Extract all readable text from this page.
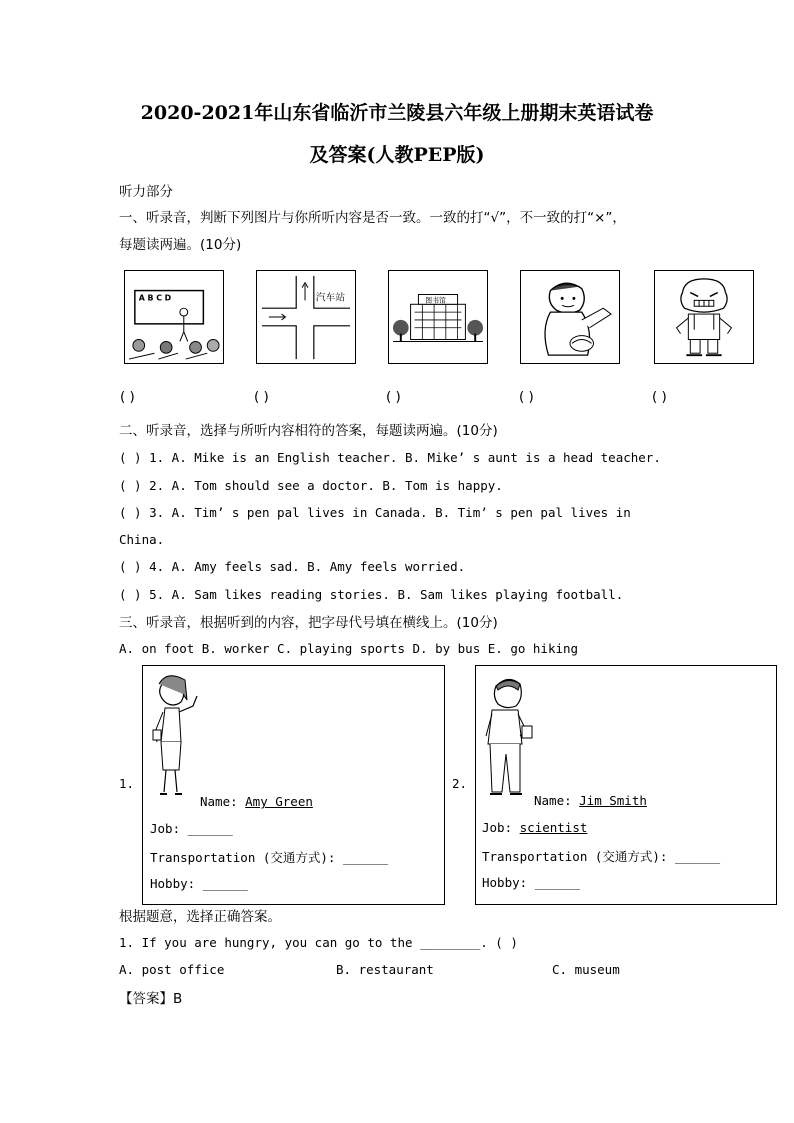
2020-2021年山东省临沂市兰陵县六年级上册期末英语试卷
及答案(人教PEP版)
听力部分
一、听录音，判断下列图片与你所听内容是否一致。一致的打“√”，不一致的打“×”，
每题读两遍。(10分)
A B C D	汽车站	图书馆
( )	( )	( )	( )	( )
二、听录音，选择与所听内容相符的答案，每题读两遍。(10分)
( ) 1. A. Mike is an English teacher. B. Mike’ s aunt is a head teacher.
( ) 2. A. Tom should see a doctor. B. Tom is happy.
( ) 3. A. Tim’ s pen pal lives in Canada. B. Tim’ s pen pal lives in
China.
( ) 4. A. Amy feels sad. B. Amy feels worried.
( ) 5. A. Sam likes reading stories. B. Sam likes playing football.
三、听录音，根据听到的内容，把字母代号填在横线上。(10分)
A. on foot B. worker C. playing sports D. by bus E. go hiking
1.
Name: Amy Green
Job: ______
Transportation (交通方式): ______
Hobby: ______
2.
Name: Jim Smith
Job: scientist
Transportation (交通方式): ______
Hobby: ______
根据题意，选择正确答案。
1. If you are hungry, you can go to the ________. ( )
A. post office	B. restaurant	C. museum
【答案】B
